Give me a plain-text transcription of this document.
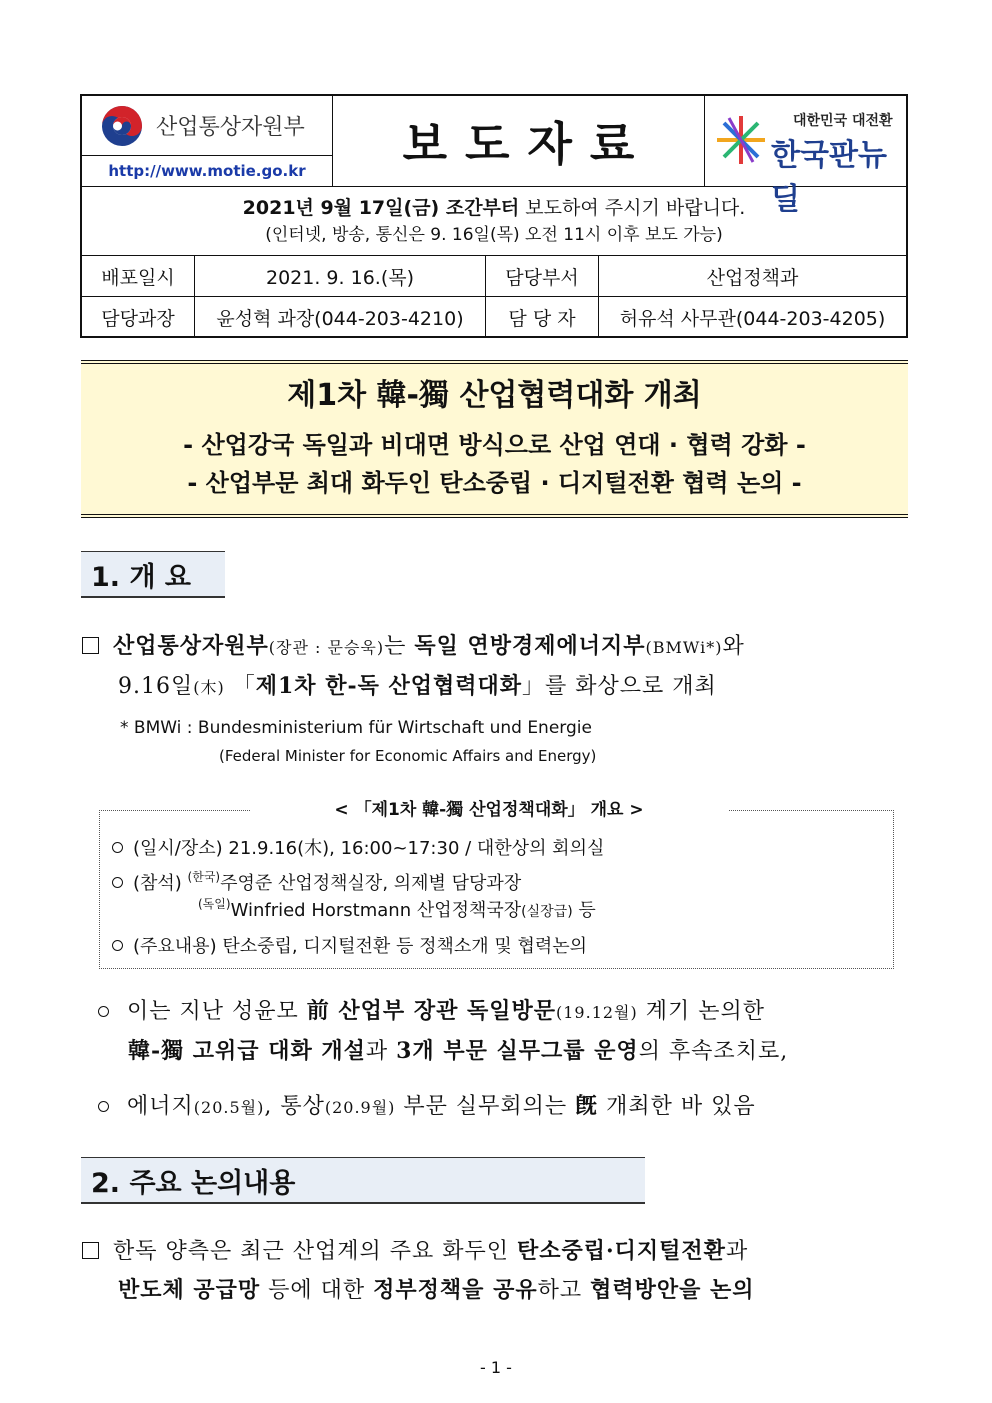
산업통상자원부
http://www.motie.go.kr	보도자료	대한민국 대전환
한국판뉴딜
2021년 9월 17일(금) 조간부터 보도하여 주시기 바랍니다.
(인터넷, 방송, 통신은 9. 16일(목) 오전 11시 이후 보도 가능)
배포일시	2021. 9. 16.(목)	담당부서	산업정책과
담당과장	윤성혁 과장(044-203-4210)	담 당 자	허유석 사무관(044-203-4205)
제1차 韓-獨 산업협력대화 개최
- 산업강국 독일과 비대면 방식으로 산업 연대 · 협력 강화 -
- 산업부문 최대 화두인 탄소중립 · 디지털전환 협력 논의 -
1. 개 요
산업통상자원부(장관 : 문승욱)는 독일 연방경제에너지부(BMWi*)와
9.16일(木) 「제1차 한-독 산업협력대화」를 화상으로 개최
* BMWi : Bundesministerium für Wirtschaft und Energie
(Federal Minister for Economic Affairs and Energy)
(일시/장소) 21.9.16(木), 16:00~17:30 / 대한상의 회의실
(참석) $^{(한국)}$주영준 산업정책실장, 의제별 담당과장
$^{(독일)}$Winfried Horstmann 산업정책국장(실장급) 등
(주요내용) 탄소중립, 디지털전환 등 정책소개 및 협력논의
< 「제1차 韓-獨 산업정책대화」 개요 >
이는 지난 성윤모 前 산업부 장관 독일방문(19.12월) 계기 논의한
韓-獨 고위급 대화 개설과 3개 부문 실무그룹 운영의 후속조치로,
에너지(20.5월), 통상(20.9월) 부문 실무회의는 旣 개최한 바 있음
2. 주요 논의내용
한독 양측은 최근 산업계의 주요 화두인 탄소중립·디지털전환과
반도체 공급망 등에 대한 정부정책을 공유하고 협력방안을 논의
- 1 -
